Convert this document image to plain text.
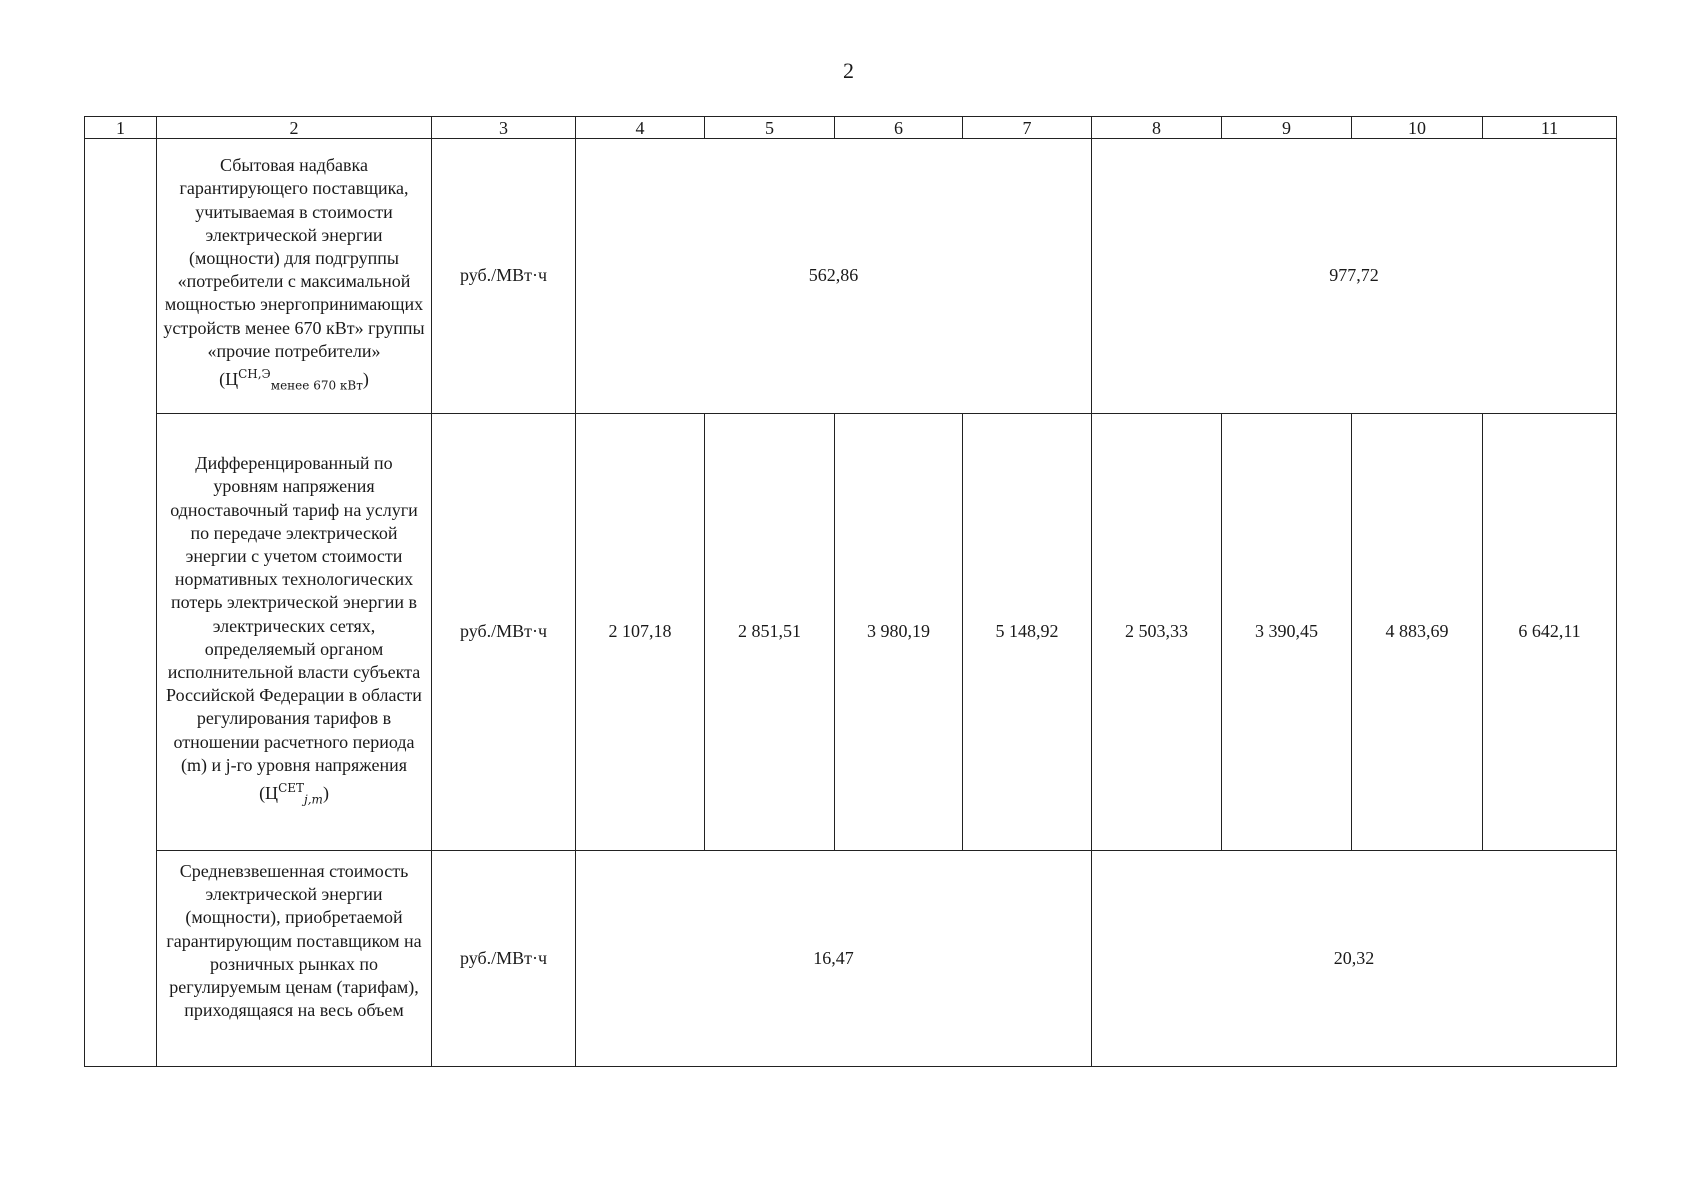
2
1	2	3	4	5	6	7	8	9	10	11
	Сбытовая надбавка гарантирующего поставщика, учитываемая в стоимости электрической энергии (мощности) для подгруппы «потребители с максимальной мощностью энергопринимающих устройств менее 670 кВт» группы «прочие потребители» $(Ц^{СН,Э}_{менее 670 кВт})$	руб./МВт·ч	562,86				977,72			
	Дифференцированный по уровням напряжения одноставочный тариф на услуги по передаче электрической энергии с учетом стоимости нормативных технологических потерь электрической энергии в электрических сетях, определяемый органом исполнительной власти субъекта Российской Федерации в области регулирования тарифов в отношении расчетного периода (m) и j-го уровня напряжения $(Ц^{СЕТ}_{j,m})$	руб./МВт·ч	2 107,18	2 851,51	3 980,19	5 148,92	2 503,33	3 390,45	4 883,69	6 642,11

	Средневзвешенная стоимость электрической энергии (мощности), приобретаемой гарантирующим поставщиком на розничных рынках по регулируемым ценам (тарифам), приходящаяся на весь объем	руб./МВт·ч	16,47				20,32			
